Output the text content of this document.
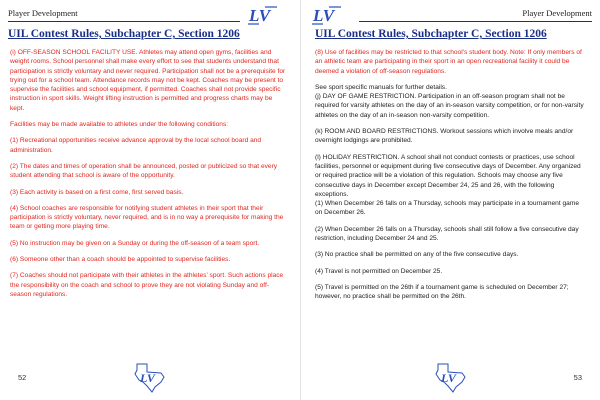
Player Development	LV
UIL Contest Rules, Subchapter C, Section 1206

(i) OFF-SEASON SCHOOL FACILITY USE. Athletes may attend open gyms, facilities and weight rooms. School personnel shall make every effort to see that students understand that participation is strictly voluntary and never required. Participation shall not be a prerequisite for trying out for a school team. Attendance records may not be kept. Coaches may be present to supervise the facilities and school equipment, if permitted. Coaches shall not provide specific instruction in sport skills. Weight lifting instruction is permitted and progress charts may be kept.

Facilities may be made available to athletes under the following conditions:

(1) Recreational opportunities receive advance approval by the local school board and administration.

(2) The dates and times of operation shall be announced, posted or publicized so that every student attending that school is aware of the opportunity.

(3) Each activity is based on a first come, first served basis.

(4) School coaches are responsible for notifying student athletes in their sport that their participation is strictly voluntary, never required, and is in no way a prerequisite for making the team or getting more playing time.

(5) No instruction may be given on a Sunday or during the off-season of a team sport.

(6) Someone other than a coach should be appointed to supervise facilities.

(7) Coaches should not participate with their athletes in the athletes' sport. Such actions place the responsibility on the coach and school to prove they are not violating Sunday and off-season regulations.

52	LV
Player Development
LV
UIL Contest Rules, Subchapter C, Section 1206

(8) Use of facilities may be restricted to that school's student body. Note: If only members of an athletic team are participating in their sport in an open recreational facility it could be deemed a violation of off-season regulations.

See sport specific manuals for further details.
(j) DAY OF GAME RESTRICTION. Participation in an off-season program shall not be required for varsity athletes on the day of an in-season varsity competition, or for non-varsity athletes on the day of an in-season non-varsity competition.

(k) ROOM AND BOARD RESTRICTIONS. Workout sessions which involve meals and/or overnight lodgings are prohibited.

(l) HOLIDAY RESTRICTION. A school shall not conduct contests or practices, use school facilities, personnel or equipment during five consecutive days of December. Any organized or required practice will be a violation of this regulation. Schools may choose any five consecutive days in December except December 24, 25 and 26, with the following exceptions.
(1) When December 26 falls on a Thursday, schools may participate in a tournament game on December 26.

(2) When December 26 falls on a Thursday, schools shall still follow a five consecutive day restriction, including December 24 and 25.

(3) No practice shall be permitted on any of the five consecutive days.

(4) Travel is not permitted on December 25.

(5) Travel is permitted on the 26th if a tournament game is scheduled on December 27; however, no practice shall be permitted on the 26th.

53
LV
